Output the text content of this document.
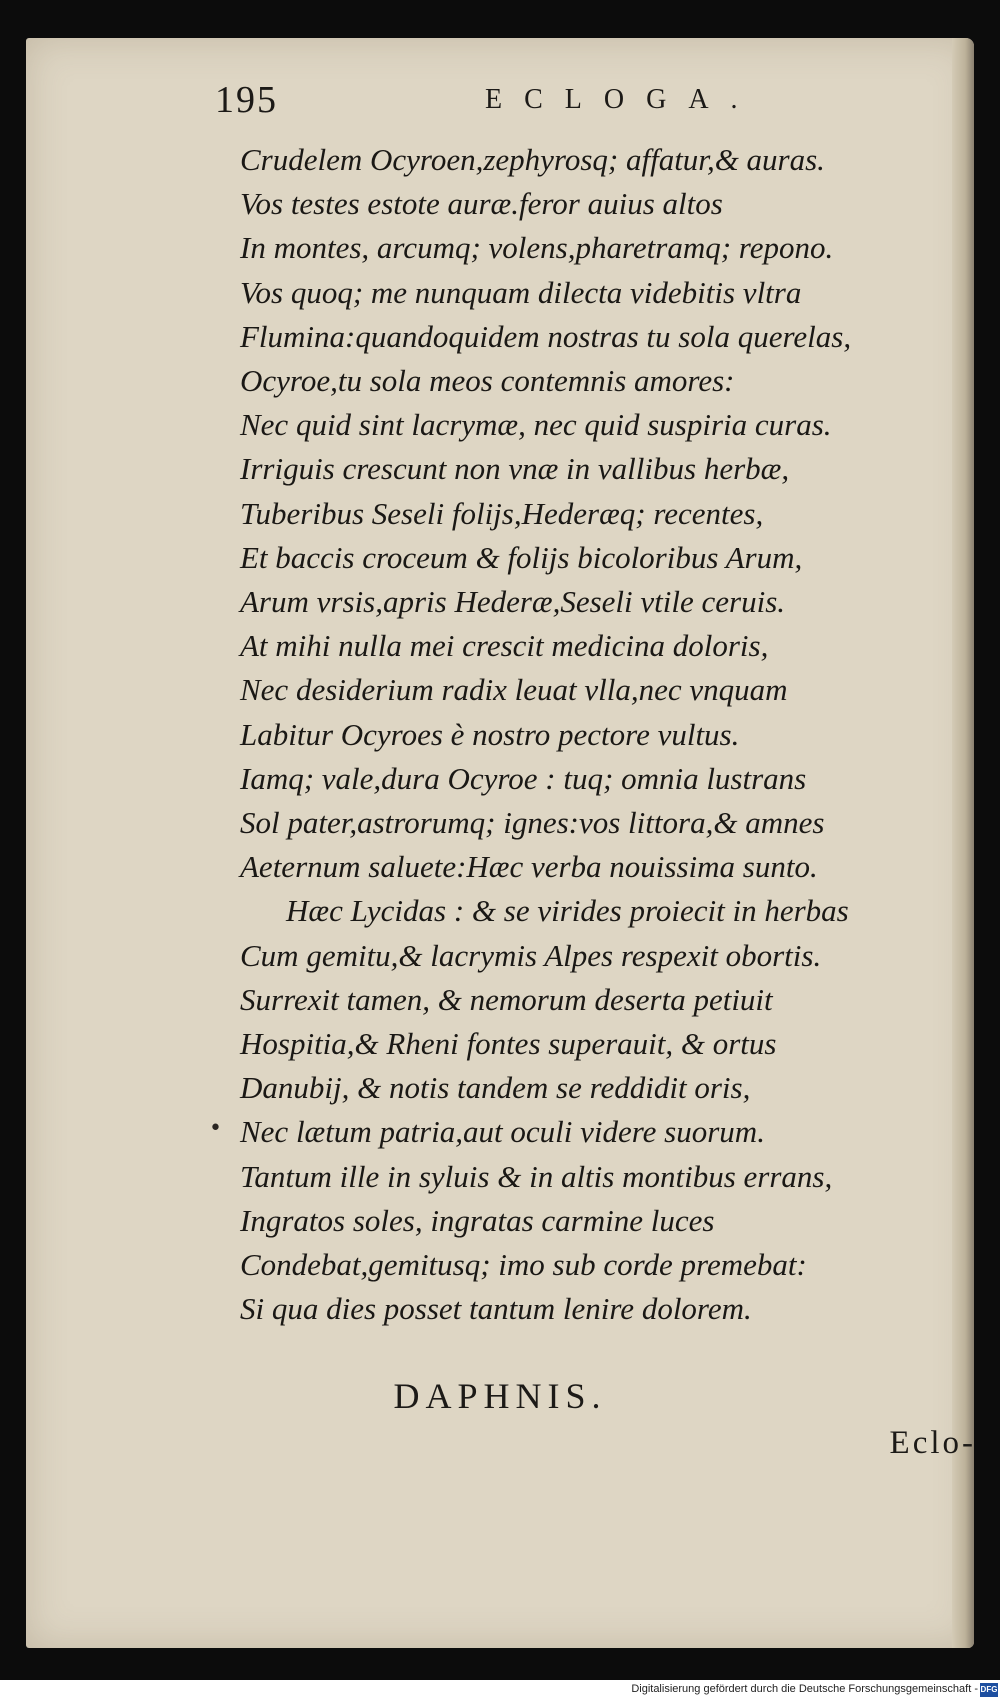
195	ECLOGA.
Crudelem Ocyroen,zephyrosq; affatur,& auras.
Vos testes estote auræ.feror auius altos
In montes, arcumq; volens,pharetramq; repono.
Vos quoq; me nunquam dilecta videbitis vltra
Flumina:quandoquidem nostras tu sola querelas,
Ocyroe,tu sola meos contemnis amores:
Nec quid sint lacrymæ, nec quid suspiria curas.
Irriguis crescunt non vnæ in vallibus herbæ,
Tuberibus Seseli folijs,Hederæq; recentes,
Et baccis croceum & folijs bicoloribus Arum,
Arum vrsis,apris Hederæ,Seseli vtile ceruis.
At mihi nulla mei crescit medicina doloris,
Nec desiderium radix leuat vlla,nec vnquam
Labitur Ocyroes è nostro pectore vultus.
Iamq; vale,dura Ocyroe : tuq; omnia lustrans
Sol pater,astrorumq; ignes:vos littora,& amnes
Aeternum saluete:Hæc verba nouissima sunto.
Hæc Lycidas : & se virides proiecit in herbas
Cum gemitu,& lacrymis Alpes respexit obortis.
Surrexit tamen, & nemorum deserta petiuit
Hospitia,& Rheni fontes superauit, & ortus
Danubij, & notis tandem se reddidit oris,
Nec lætum patria,aut oculi videre suorum.
Tantum ille in syluis & in altis montibus errans,
Ingratos soles, ingratas carmine luces
Condebat,gemitusq; imo sub corde premebat:
Si qua dies posset tantum lenire dolorem.
•
DAPHNIS.
Eclo-
Digitalisierung gefördert durch die Deutsche Forschungsgemeinschaft - DFG
